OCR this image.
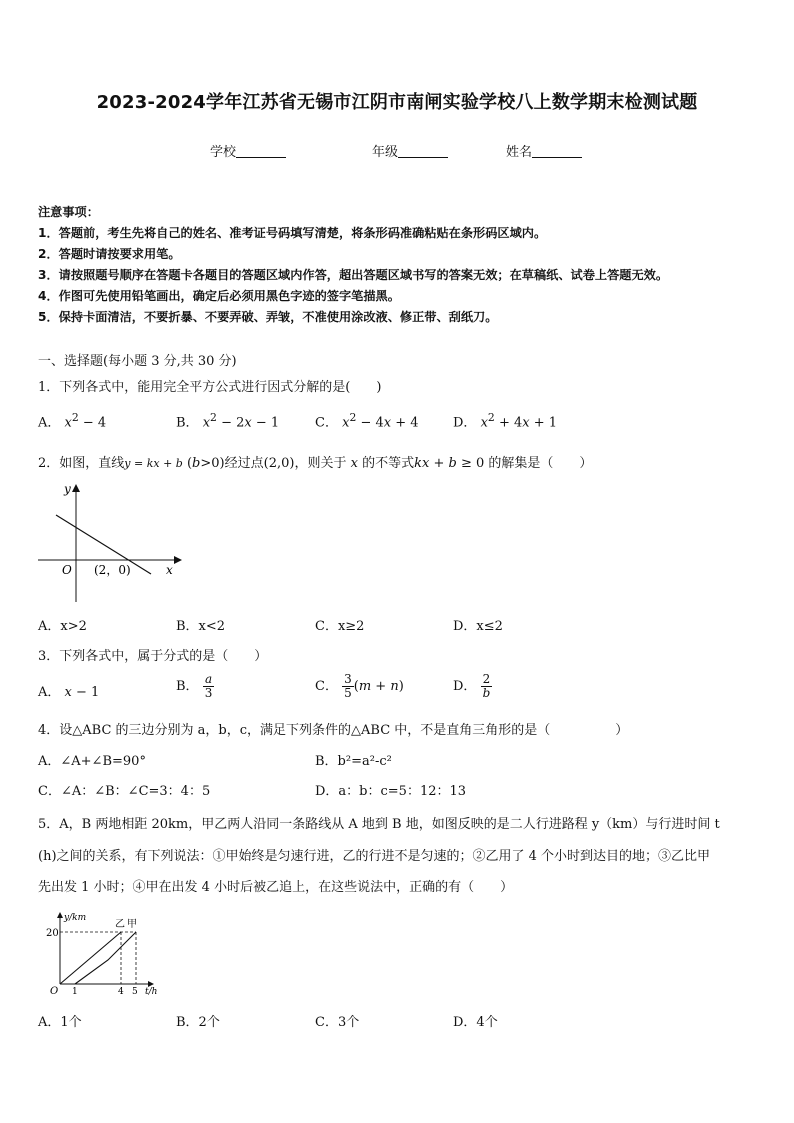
2023-2024学年江苏省无锡市江阴市南闸实验学校八上数学期末检测试题
学校	年级	姓名
注意事项：
1．答题前，考生先将自己的姓名、准考证号码填写清楚，将条形码准确粘贴在条形码区域内。
2．答题时请按要求用笔。
3．请按照题号顺序在答题卡各题目的答题区域内作答，超出答题区域书写的答案无效；在草稿纸、试卷上答题无效。
4．作图可先使用铅笔画出，确定后必须用黑色字迹的签字笔描黑。
5．保持卡面清洁，不要折暴、不要弄破、弄皱，不准使用涂改液、修正带、刮纸刀。
一、选择题(每小题 3 分,共 30 分)
1．下列各式中，能用完全平方公式进行因式分解的是(　　)
A． $x^2 - 4$	B． $x^2 - 2x - 1$	C． $x^2 - 4x + 4$	D． $x^2 + 4x + 1$
2．如图，直线y = kx + b (b>0)经过点(2,0)，则关于 x 的不等式kx + b ≥ 0 的解集是（　　）
y
x
O (2，0)
A．x>2	B．x<2	C．x≥2	D．x≤2
3．下列各式中，属于分式的是（　　）
A． x − 1	B． $\frac{a}{3}$	C． $\frac{3}{5} (m + n)$	D． $\frac{2}{b}$
4．设△ABC 的三边分别为 a，b，c，满足下列条件的△ABC 中，不是直角三角形的是（　　　　　）
A．∠A+∠B=90°	B．b²=a²-c²
C．∠A：∠B：∠C=3：4：5	D．a：b：c=5：12：13
5．A，B 两地相距 20km，甲乙两人沿同一条路线从 A 地到 B 地，如图反映的是二人行进路程 y（km）与行进时间 t
(h)之间的关系，有下列说法：①甲始终是匀速行进，乙的行进不是匀速的；②乙用了 4 个小时到达目的地；③乙比甲
先出发 1 小时；④甲在出发 4 小时后被乙追上，在这些说法中，正确的有（　　）
y/km
t/h
20
O 1	4 5
乙 甲
A．1个	B．2个	C．3个	D．4个
